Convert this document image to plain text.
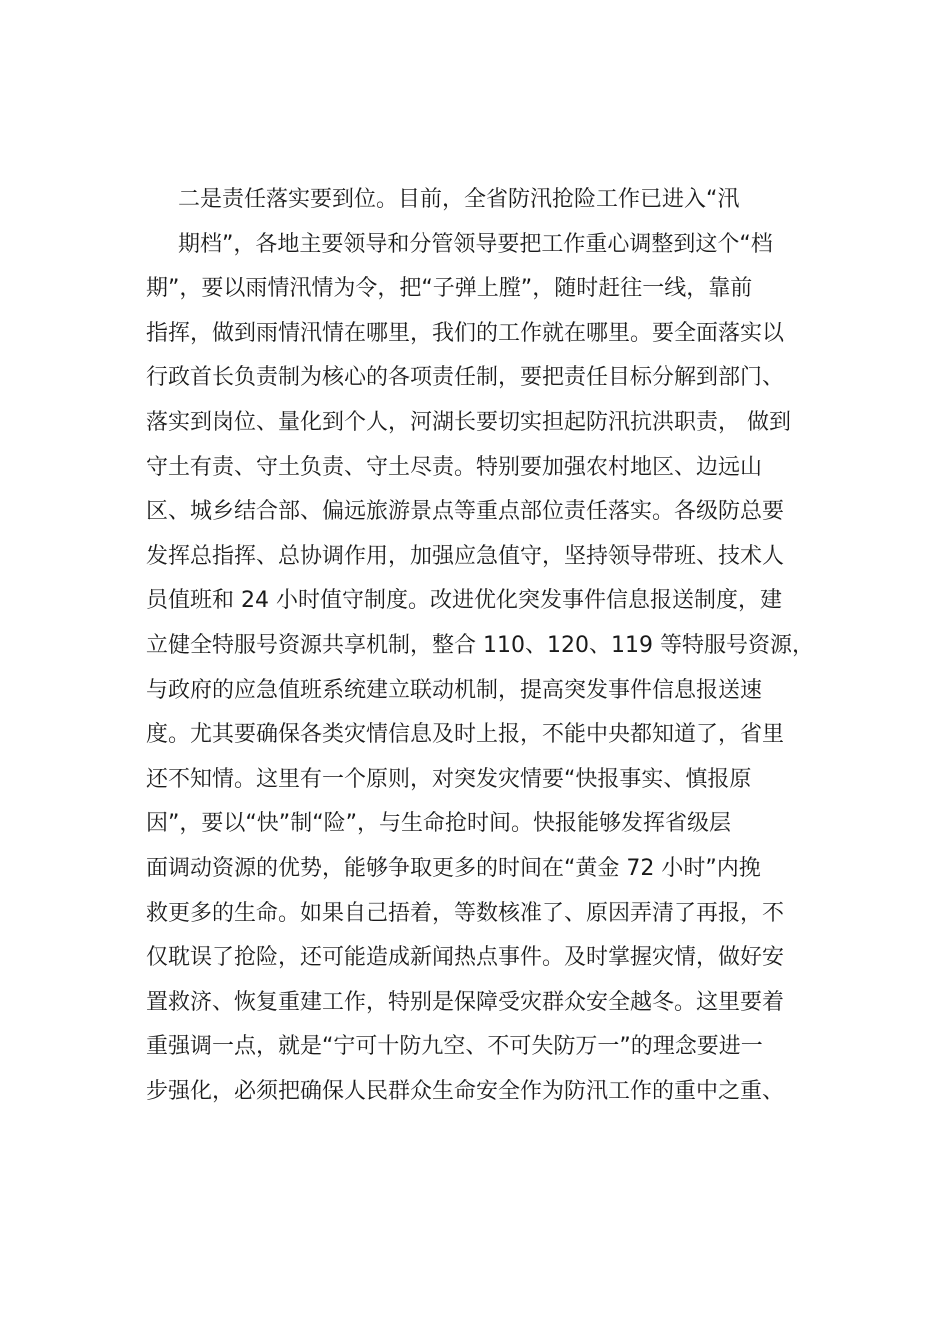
二是责任落实要到位。目前，全省防汛抢险工作已进入“汛
期档”，各地主要领导和分管领导要把工作重心调整到这个“档
期”，要以雨情汛情为令，把“子弹上膛”，随时赶往一线，靠前
指挥，做到雨情汛情在哪里，我们的工作就在哪里。要全面落实以
行政首长负责制为核心的各项责任制，要把责任目标分解到部门、
落实到岗位、量化到个人，河湖长要切实担起防汛抗洪职责， 做到
守土有责、守土负责、守土尽责。特别要加强农村地区、边远山
区、城乡结合部、偏远旅游景点等重点部位责任落实。各级防总要
发挥总指挥、总协调作用，加强应急值守，坚持领导带班、技术人
员值班和 24 小时值守制度。改进优化突发事件信息报送制度，建
立健全特服号资源共享机制，整合 110、120、119 等特服号资源，
与政府的应急值班系统建立联动机制，提高突发事件信息报送速
度。尤其要确保各类灾情信息及时上报，不能中央都知道了，省里
还不知情。这里有一个原则，对突发灾情要“快报事实、慎报原
因”，要以“快”制“险”，与生命抢时间。快报能够发挥省级层
面调动资源的优势，能够争取更多的时间在“黄金 72 小时”内挽
救更多的生命。如果自己捂着，等数核准了、原因弄清了再报，不
仅耽误了抢险，还可能造成新闻热点事件。及时掌握灾情，做好安
置救济、恢复重建工作，特别是保障受灾群众安全越冬。这里要着
重强调一点，就是“宁可十防九空、不可失防万一”的理念要进一
步强化，必须把确保人民群众生命安全作为防汛工作的重中之重、
